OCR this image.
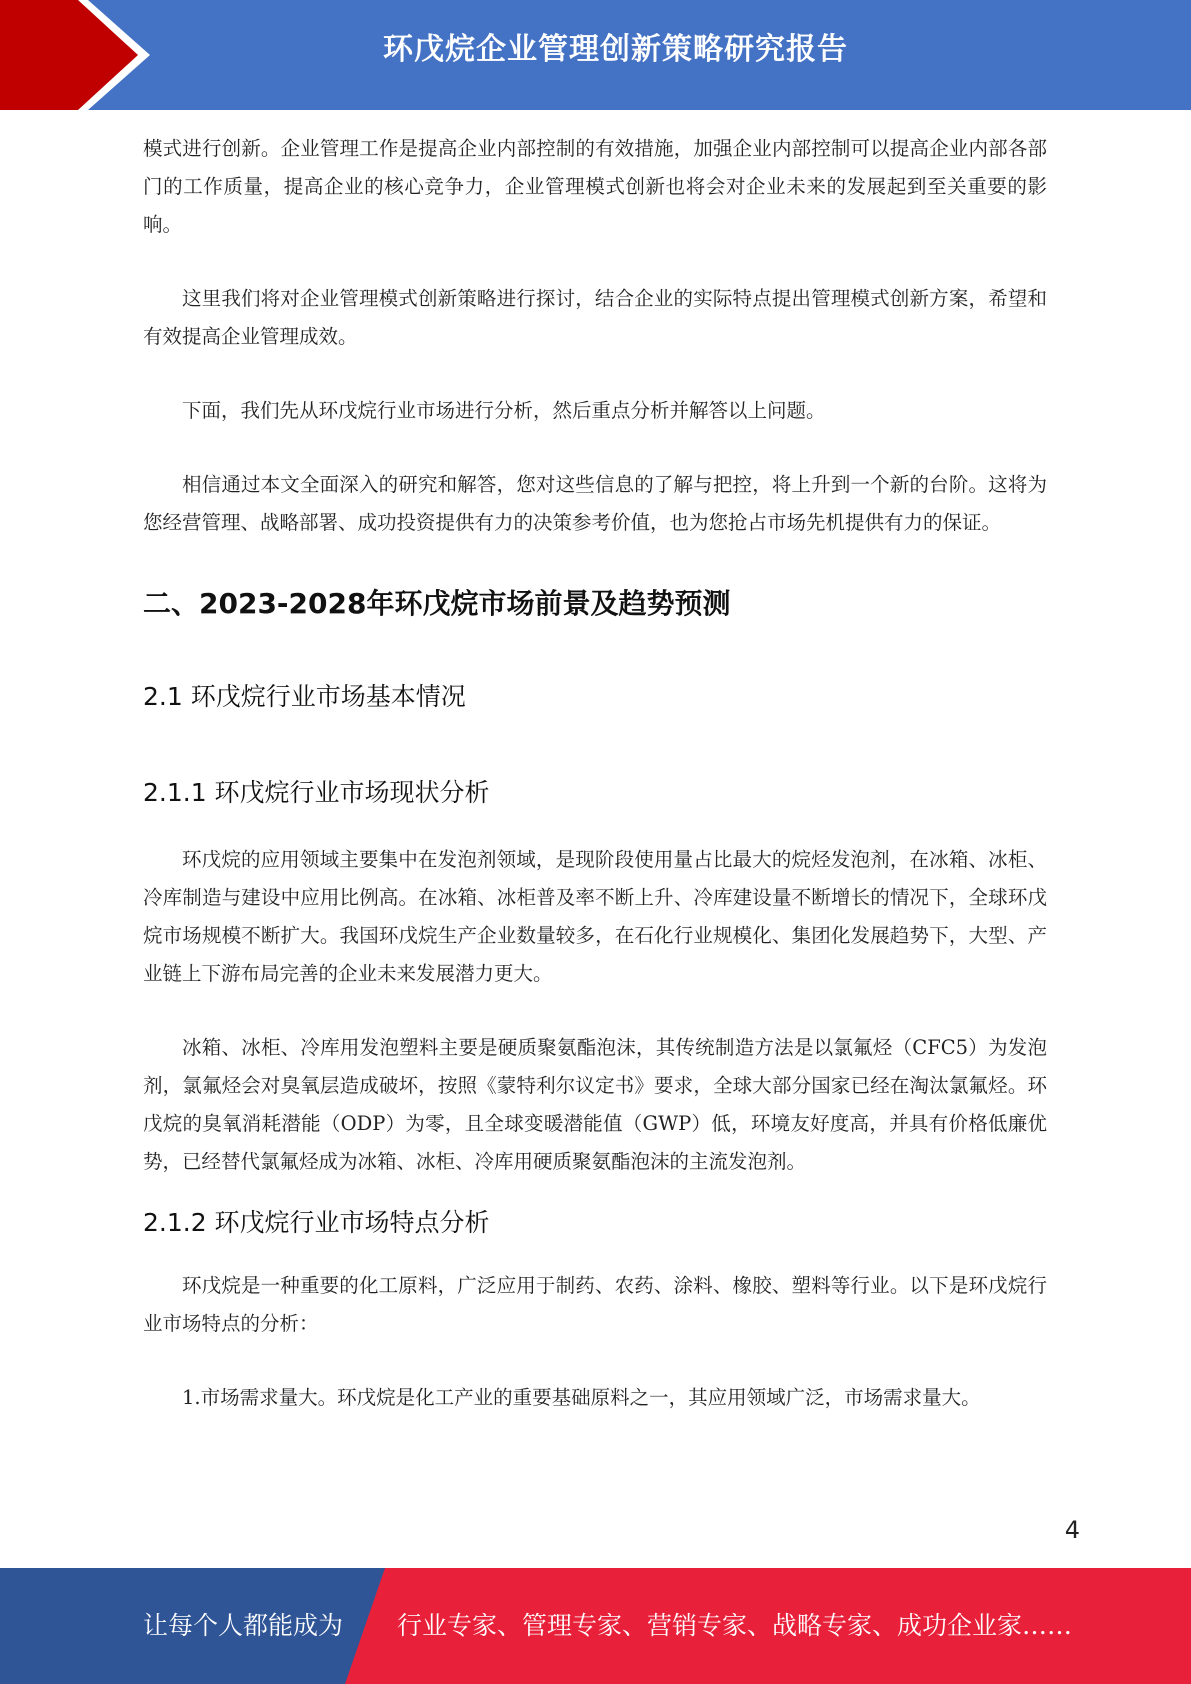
环戊烷企业管理创新策略研究报告

模式进行创新。企业管理工作是提高企业内部控制的有效措施，加强企业内部控制可以提高企业内部各部门的工作质量，提高企业的核心竞争力，企业管理模式创新也将会对企业未来的发展起到至关重要的影响。

这里我们将对企业管理模式创新策略进行探讨，结合企业的实际特点提出管理模式创新方案，希望和有效提高企业管理成效。

下面，我们先从环戊烷行业市场进行分析，然后重点分析并解答以上问题。

相信通过本文全面深入的研究和解答，您对这些信息的了解与把控，将上升到一个新的台阶。这将为您经营管理、战略部署、成功投资提供有力的决策参考价值，也为您抢占市场先机提供有力的保证。

二、2023-2028年环戊烷市场前景及趋势预测
2.1 环戊烷行业市场基本情况
2.1.1 环戊烷行业市场现状分析

环戊烷的应用领域主要集中在发泡剂领域，是现阶段使用量占比最大的烷烃发泡剂，在冰箱、冰柜、冷库制造与建设中应用比例高。在冰箱、冰柜普及率不断上升、冷库建设量不断增长的情况下，全球环戊烷市场规模不断扩大。我国环戊烷生产企业数量较多，在石化行业规模化、集团化发展趋势下，大型、产业链上下游布局完善的企业未来发展潜力更大。

冰箱、冰柜、冷库用发泡塑料主要是硬质聚氨酯泡沫，其传统制造方法是以氯氟烃（CFC5）为发泡剂，氯氟烃会对臭氧层造成破坏，按照《蒙特利尔议定书》要求，全球大部分国家已经在淘汰氯氟烃。环戊烷的臭氧消耗潜能（ODP）为零，且全球变暖潜能值（GWP）低，环境友好度高，并具有价格低廉优势，已经替代氯氟烃成为冰箱、冰柜、冷库用硬质聚氨酯泡沫的主流发泡剂。

2.1.2 环戊烷行业市场特点分析

环戊烷是一种重要的化工原料，广泛应用于制药、农药、涂料、橡胶、塑料等行业。以下是环戊烷行业市场特点的分析：

1.市场需求量大。环戊烷是化工产业的重要基础原料之一，其应用领域广泛，市场需求量大。

4
让每个人都能成为 行业专家、管理专家、营销专家、战略专家、成功企业家……
